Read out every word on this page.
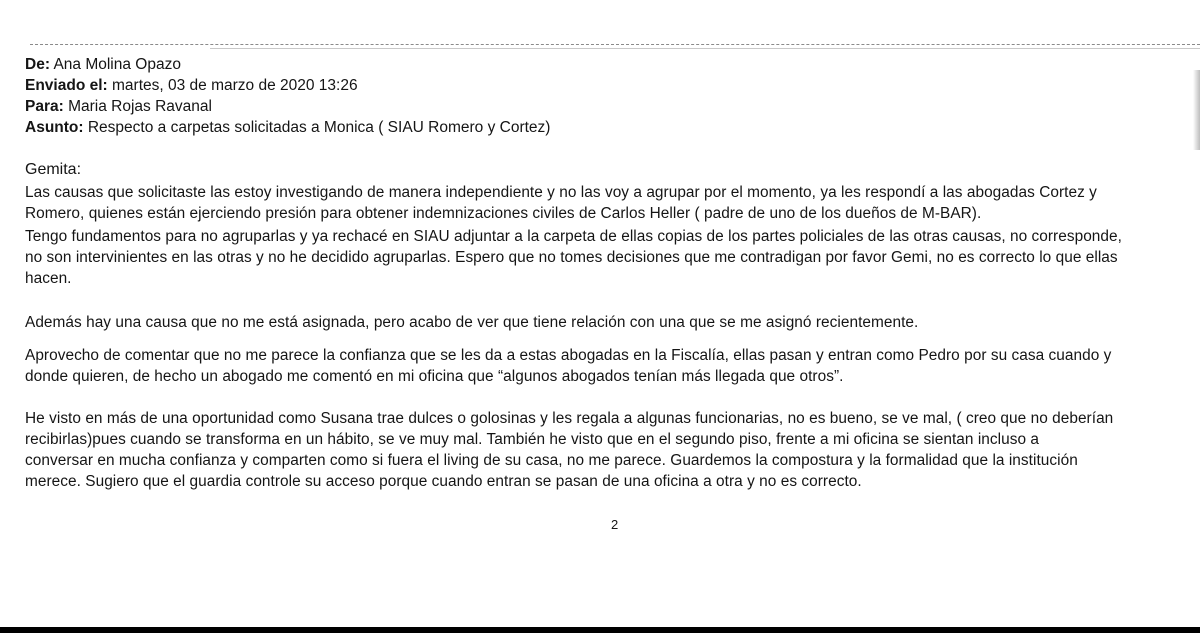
De: Ana Molina Opazo
Enviado el: martes, 03 de marzo de 2020 13:26
Para: Maria Rojas Ravanal
Asunto: Respecto a carpetas solicitadas a Monica ( SIAU Romero y Cortez)
Gemita:
Las causas que solicitaste las estoy investigando de manera independiente y no las voy a agrupar por el momento, ya les respondí a las abogadas Cortez y
Romero, quienes están ejerciendo presión para obtener indemnizaciones civiles de Carlos Heller ( padre de uno de los dueños de M-BAR).
Tengo fundamentos para no agruparlas y ya rechacé en SIAU adjuntar a la carpeta de ellas copias de los partes policiales de las otras causas, no corresponde,
no son intervinientes en las otras y no he decidido agruparlas. Espero que no tomes decisiones que me contradigan por favor Gemi, no es correcto lo que ellas
hacen.
Además hay una causa que no me está asignada, pero acabo de ver que tiene relación con una que se me asignó recientemente.
Aprovecho de comentar que no me parece la confianza que se les da a estas abogadas en la Fiscalía, ellas pasan y entran como Pedro por su casa cuando y
donde quieren, de hecho un abogado me comentó en mi oficina que “algunos abogados tenían más llegada que otros”.
He visto en más de una oportunidad como Susana trae dulces o golosinas y les regala a algunas funcionarias, no es bueno, se ve mal, ( creo que no deberían
recibirlas)pues cuando se transforma en un hábito, se ve muy mal. También he visto que en el segundo piso, frente a mi oficina se sientan incluso a
conversar en mucha confianza y comparten como si fuera el living de su casa, no me parece. Guardemos la compostura y la formalidad que la institución
merece. Sugiero que el guardia controle su acceso porque cuando entran se pasan de una oficina a otra y no es correcto.
2
